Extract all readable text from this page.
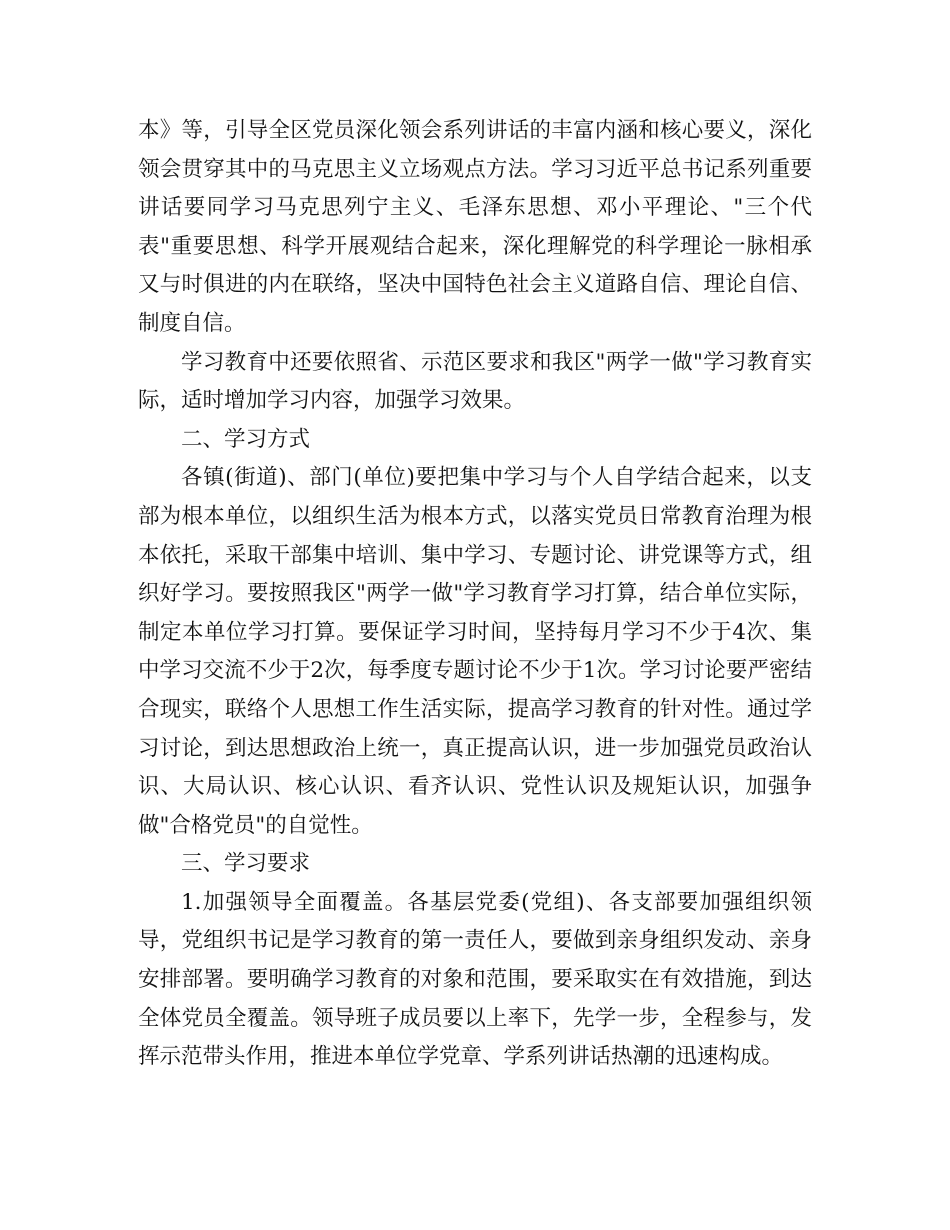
本》等，引导全区党员深化领会系列讲话的丰富内涵和核心要义，深化领会贯穿其中的马克思主义立场观点方法。学习习近平总书记系列重要讲话要同学习马克思列宁主义、毛泽东思想、邓小平理论、"三个代表"重要思想、科学开展观结合起来，深化理解党的科学理论一脉相承又与时俱进的内在联络，坚决中国特色社会主义道路自信、理论自信、制度自信。

学习教育中还要依照省、示范区要求和我区"两学一做"学习教育实际，适时增加学习内容，加强学习效果。

二、学习方式

各镇(街道)、部门(单位)要把集中学习与个人自学结合起来，以支部为根本单位，以组织生活为根本方式，以落实党员日常教育治理为根本依托，采取干部集中培训、集中学习、专题讨论、讲党课等方式，组织好学习。要按照我区"两学一做"学习教育学习打算，结合单位实际，制定本单位学习打算。要保证学习时间，坚持每月学习不少于4次、集中学习交流不少于2次，每季度专题讨论不少于1次。学习讨论要严密结合现实，联络个人思想工作生活实际，提高学习教育的针对性。通过学习讨论，到达思想政治上统一，真正提高认识，进一步加强党员政治认识、大局认识、核心认识、看齐认识、党性认识及规矩认识，加强争做"合格党员"的自觉性。

三、学习要求

1.加强领导全面覆盖。各基层党委(党组)、各支部要加强组织领导，党组织书记是学习教育的第一责任人，要做到亲身组织发动、亲身安排部署。要明确学习教育的对象和范围，要采取实在有效措施，到达全体党员全覆盖。领导班子成员要以上率下，先学一步，全程参与，发挥示范带头作用，推进本单位学党章、学系列讲话热潮的迅速构成。
